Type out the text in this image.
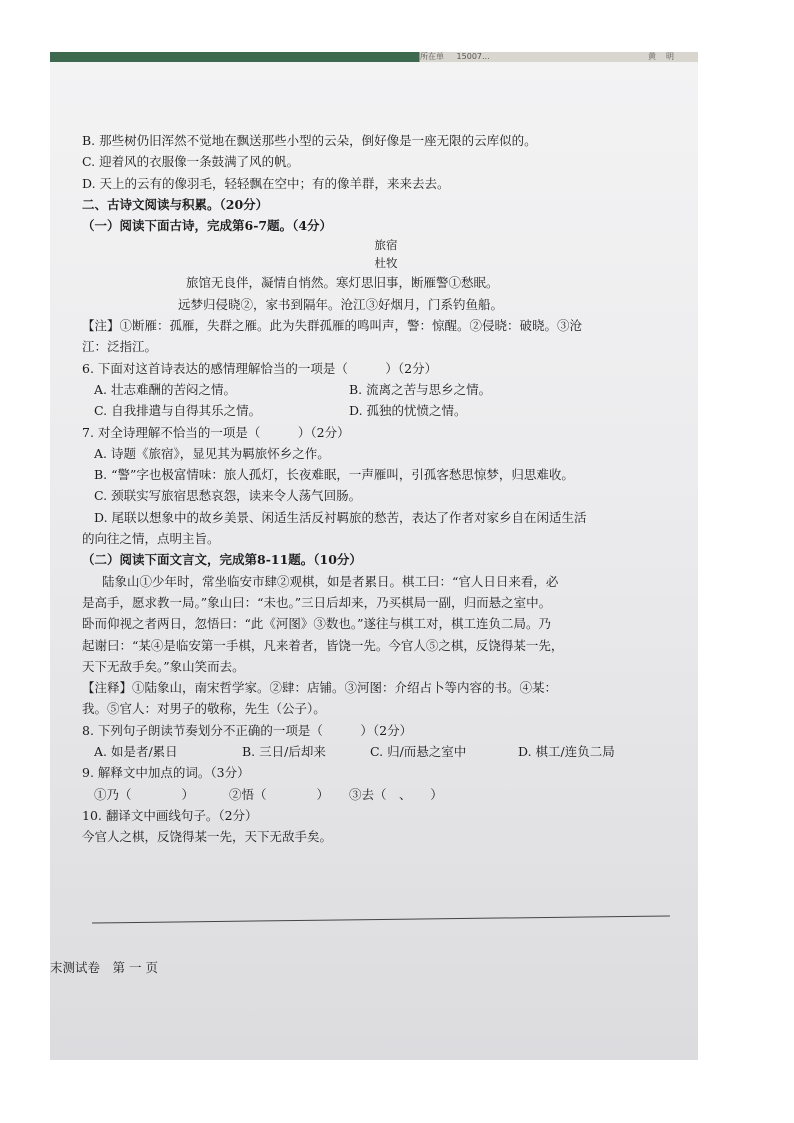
所在单 15007...	黄 明
B. 那些树仍旧浑然不觉地在飘送那些小型的云朵，倒好像是一座无限的云库似的。
C. 迎着风的衣服像一条鼓满了风的帆。
D. 天上的云有的像羽毛，轻轻飘在空中；有的像羊群，来来去去。
二、古诗文阅读与积累。（20分）
（一）阅读下面古诗，完成第6-7题。（4分）
旅宿
杜牧
旅馆无良伴，凝情自悄然。寒灯思旧事，断雁警①愁眠。
远梦归侵晓②，家书到隔年。沧江③好烟月，门系钓鱼船。
【注】①断雁：孤雁，失群之雁。此为失群孤雁的鸣叫声，警：惊醒。②侵晓：破晓。③沧
江：泛指江。
6. 下面对这首诗表达的感情理解恰当的一项是（　　　）（2分）
A. 壮志难酬的苦闷之情。	B. 流离之苦与思乡之情。
C. 自我排遣与自得其乐之情。	D. 孤独的忧愤之情。
7. 对全诗理解不恰当的一项是（　　　）（2分）
A. 诗题《旅宿》，显见其为羁旅怀乡之作。
B. “警”字也极富情味：旅人孤灯，长夜难眠，一声雁叫，引孤客愁思惊梦，归思难收。
C. 颈联实写旅宿思愁哀怨，读来令人荡气回肠。
D. 尾联以想象中的故乡美景、闲适生活反衬羁旅的愁苦，表达了作者对家乡自在闲适生活
的向往之情，点明主旨。
（二）阅读下面文言文，完成第8-11题。（10分）
陆象山①少年时，常坐临安市肆②观棋，如是者累日。棋工曰：“官人日日来看，必
是高手，愿求教一局。”象山曰：“未也。”三日后却来，乃买棋局一副，归而悬之室中。
卧而仰视之者两日，忽悟曰：“此《河图》③数也。”遂往与棋工对，棋工连负二局。乃
起谢曰：“某④是临安第一手棋，凡来着者，皆饶一先。今官人⑤之棋，反饶得某一先，
天下无敌手矣。”象山笑而去。
【注释】①陆象山，南宋哲学家。②肆：店铺。③河图：介绍占卜等内容的书。④某：
我。⑤官人：对男子的敬称，先生（公子）。
8. 下列句子朗读节奏划分不正确的一项是（　　　）（2分）
A. 如是者/累日	B. 三日/后却来	C. 归/而悬之室中	D. 棋工/连负二局
9. 解释文中加点的词。（3分）
①乃（　　　　）	②悟（　　　　）	③去（　、　　）
10. 翻译文中画线句子。（2分）
今官人之棋，反饶得某一先，天下无敌手矣。
末测试卷　第 一 页
